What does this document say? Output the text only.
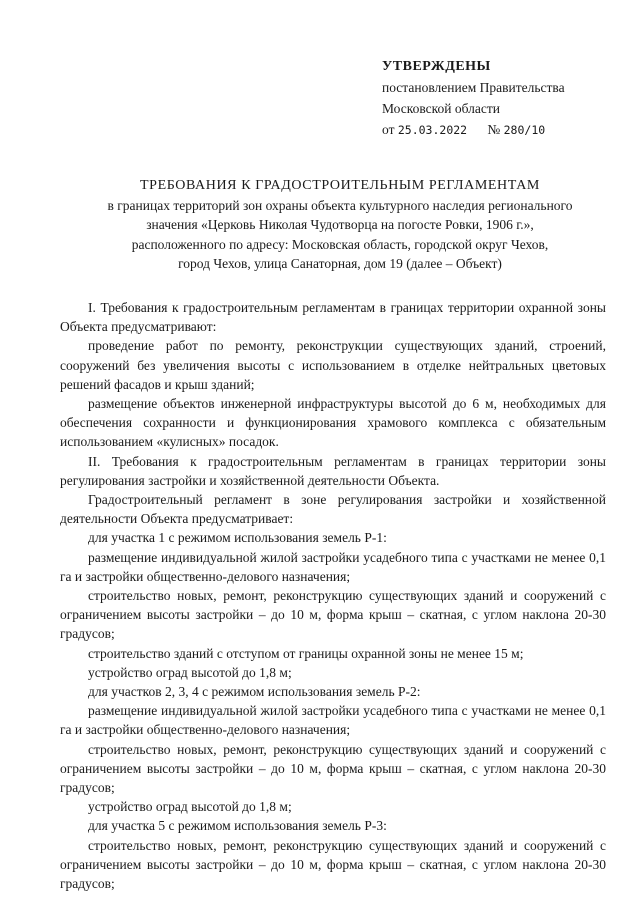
УТВЕРЖДЕНЫ
постановлением Правительства
Московской области
от 25.03.2022 № 280/10
ТРЕБОВАНИЯ К ГРАДОСТРОИТЕЛЬНЫМ РЕГЛАМЕНТАМ
в границах территорий зон охраны объекта культурного наследия регионального
значения «Церковь Николая Чудотворца на погосте Ровки, 1906 г.»,
расположенного по адресу: Московская область, городской округ Чехов,
город Чехов, улица Санаторная, дом 19 (далее – Объект)

I. Требования к градостроительным регламентам в границах территории охранной зоны Объекта предусматривают:

проведение работ по ремонту, реконструкции существующих зданий, строений, сооружений без увеличения высоты с использованием в отделке нейтральных цветовых решений фасадов и крыш зданий;

размещение объектов инженерной инфраструктуры высотой до 6 м, необходимых для обеспечения сохранности и функционирования храмового комплекса с обязательным использованием «кулисных» посадок.

II. Требования к градостроительным регламентам в границах территории зоны регулирования застройки и хозяйственной деятельности Объекта.

Градостроительный регламент в зоне регулирования застройки и хозяйственной деятельности Объекта предусматривает:

для участка 1 с режимом использования земель Р-1:

размещение индивидуальной жилой застройки усадебного типа с участками не менее 0,1 га и застройки общественно-делового назначения;

строительство новых, ремонт, реконструкцию существующих зданий и сооружений с ограничением высоты застройки – до 10 м, форма крыш – скатная, с углом наклона 20-30 градусов;

строительство зданий с отступом от границы охранной зоны не менее 15 м;

устройство оград высотой до 1,8 м;

для участков 2, 3, 4 с режимом использования земель Р-2:

размещение индивидуальной жилой застройки усадебного типа с участками не менее 0,1 га и застройки общественно-делового назначения;

строительство новых, ремонт, реконструкцию существующих зданий и сооружений с ограничением высоты застройки – до 10 м, форма крыш – скатная, с углом наклона 20-30 градусов;

устройство оград высотой до 1,8 м;

для участка 5 с режимом использования земель Р-3:

строительство новых, ремонт, реконструкцию существующих зданий и сооружений с ограничением высоты застройки – до 10 м, форма крыш – скатная, с углом наклона 20-30 градусов;
